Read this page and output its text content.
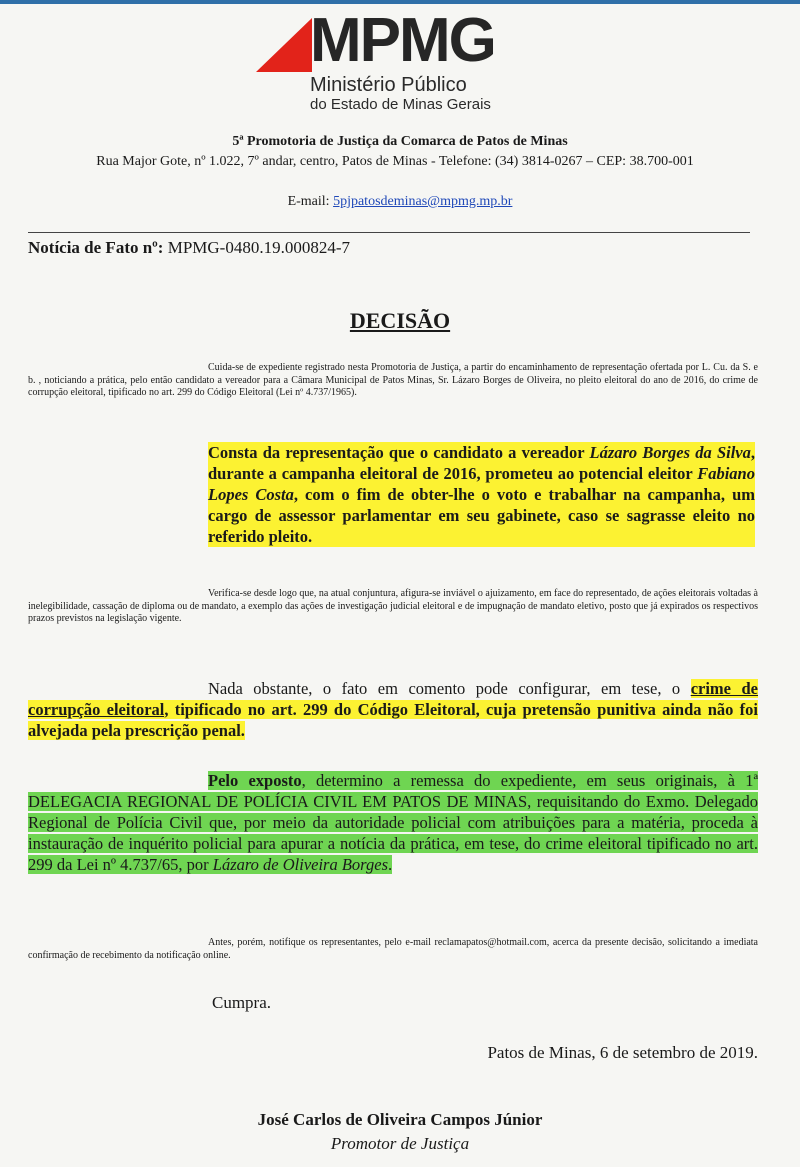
MPMG
Ministério Público
do Estado de Minas Gerais
5ª Promotoria de Justiça da Comarca de Patos de Minas
Rua Major Gote, nº 1.022, 7º andar, centro, Patos de Minas - Telefone: (34) 3814-0267 – CEP: 38.700-001
E-mail: 5pjpatosdeminas@mpmg.mp.br
Notícia de Fato nº: MPMG-0480.19.000824-7
DECISÃO
Cuida-se de expediente registrado nesta Promotoria de Justiça, a partir do encaminhamento de representação ofertada por L. Cu. da S. e b. , noticiando a prática, pelo então candidato a vereador para a Câmara Municipal de Patos Minas, Sr. Lázaro Borges de Oliveira, no pleito eleitoral do ano de 2016, do crime de corrupção eleitoral, tipificado no art. 299 do Código Eleitoral (Lei nº 4.737/1965).
Consta da representação que o candidato a vereador Lázaro Borges da Silva, durante a campanha eleitoral de 2016, prometeu ao potencial eleitor Fabiano Lopes Costa, com o fim de obter-lhe o voto e trabalhar na campanha, um cargo de assessor parlamentar em seu gabinete, caso se sagrasse eleito no referido pleito.
Verifica-se desde logo que, na atual conjuntura, afigura-se inviável o ajuizamento, em face do representado, de ações eleitorais voltadas à inelegibilidade, cassação de diploma ou de mandato, a exemplo das ações de investigação judicial eleitoral e de impugnação de mandato eletivo, posto que já expirados os respectivos prazos previstos na legislação vigente.
Nada obstante, o fato em comento pode configurar, em tese, o crime de corrupção eleitoral, tipificado no art. 299 do Código Eleitoral, cuja pretensão punitiva ainda não foi alvejada pela prescrição penal.
Pelo exposto, determino a remessa do expediente, em seus originais, à 1ª DELEGACIA REGIONAL DE POLÍCIA CIVIL EM PATOS DE MINAS, requisitando do Exmo. Delegado Regional de Polícia Civil que, por meio da autoridade policial com atribuições para a matéria, proceda à instauração de inquérito policial para apurar a notícia da prática, em tese, do crime eleitoral tipificado no art. 299 da Lei nº 4.737/65, por Lázaro de Oliveira Borges.
Antes, porém, notifique os representantes, pelo e-mail reclamapatos@hotmail.com, acerca da presente decisão, solicitando a imediata confirmação de recebimento da notificação online.
Cumpra.
Patos de Minas, 6 de setembro de 2019.
José Carlos de Oliveira Campos Júnior
Promotor de Justiça
